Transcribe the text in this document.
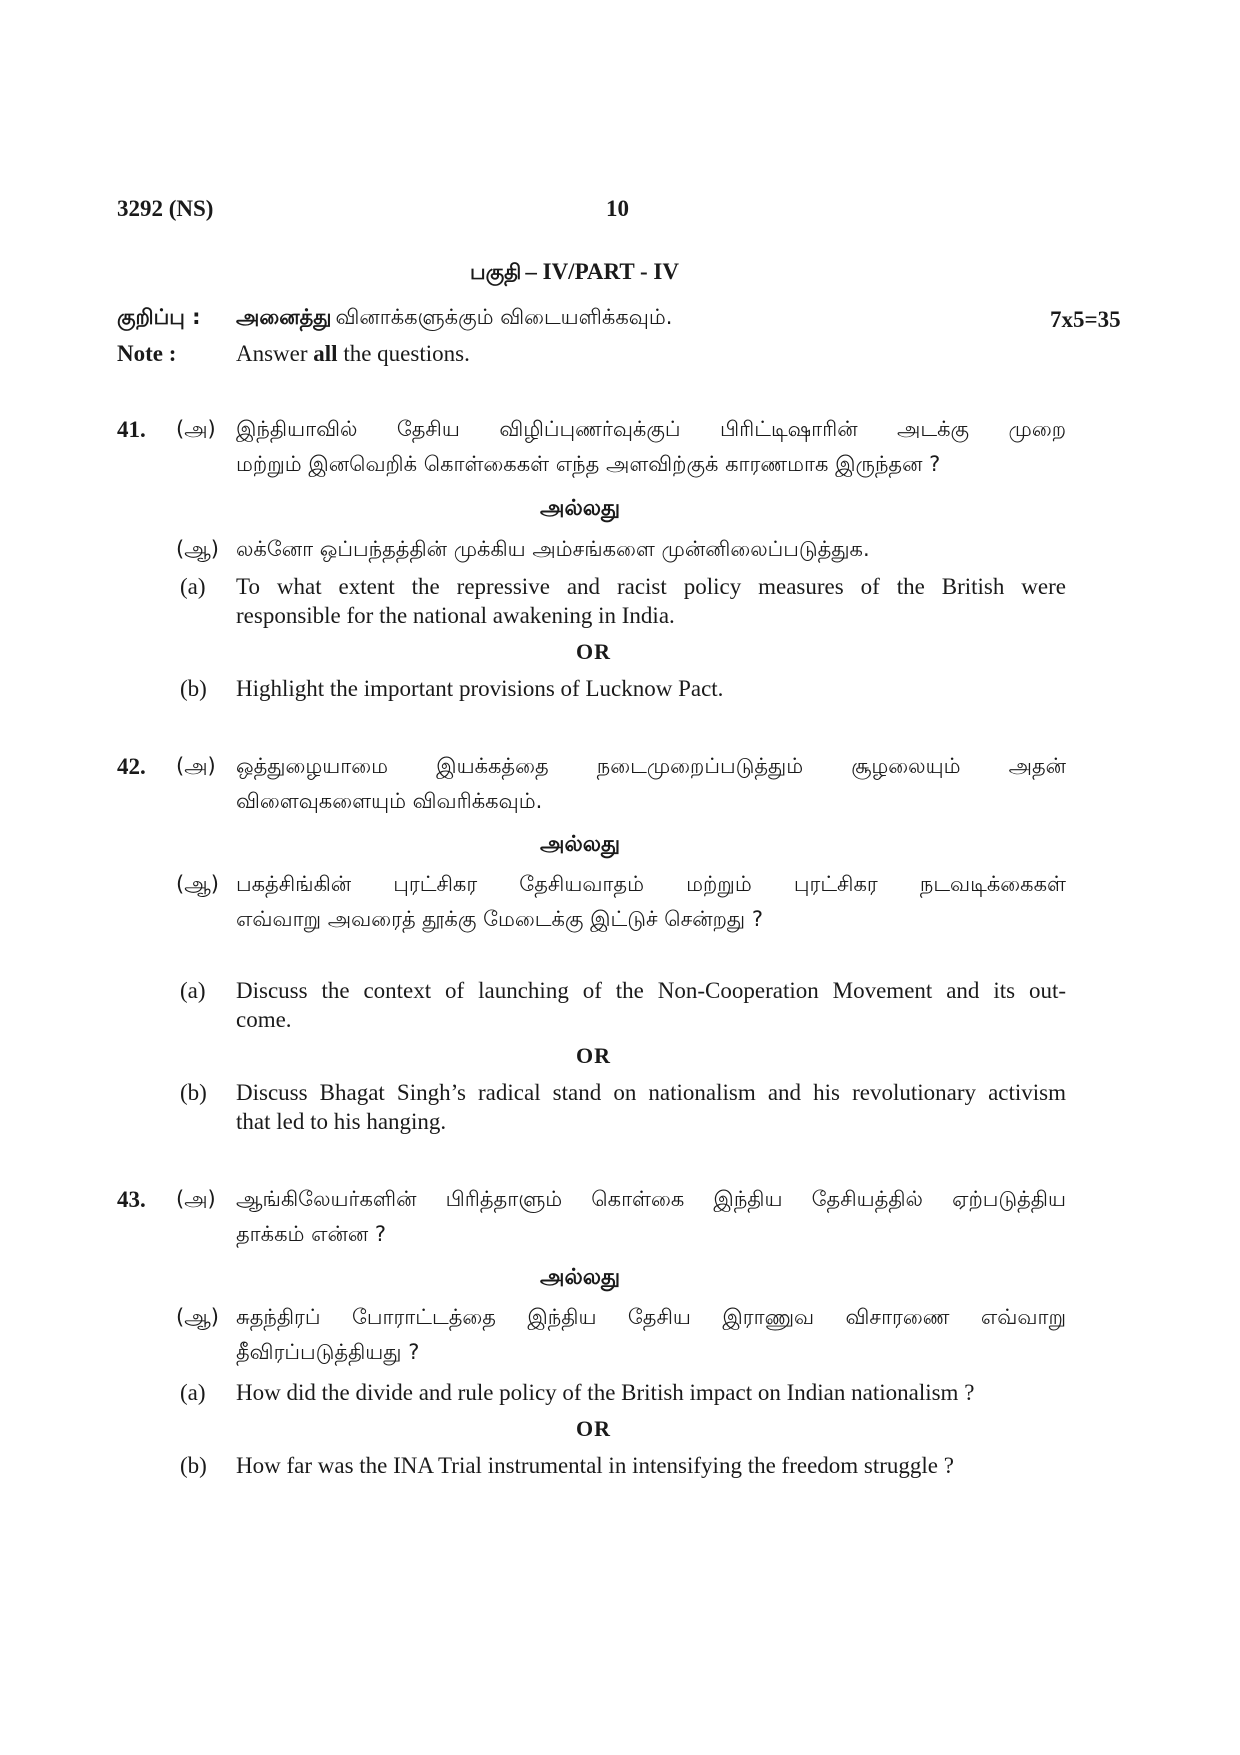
3292 (NS)	10
பகுதி – IV/PART - IV
குறிப்பு : அனைத்து வினாக்களுக்கும் விடையளிக்கவும்.	7x5=35
Note :	Answer all the questions.
41. (அ) இந்தியாவில் தேசிய விழிப்புணர்வுக்குப் பிரிட்டிஷாரின் அடக்கு முறை
மற்றும் இனவெறிக் கொள்கைகள் எந்த அளவிற்குக் காரணமாக இருந்தன ?
அல்லது
(ஆ) லக்னோ ஒப்பந்தத்தின் முக்கிய அம்சங்களை முன்னிலைப்படுத்துக.
(a) To what extent the repressive and racist policy measures of the British were
responsible for the national awakening in India.
OR
(b) Highlight the important provisions of Lucknow Pact.
42. (அ) ஒத்துழையாமை இயக்கத்தை நடைமுறைப்படுத்தும் சூழலையும் அதன்
விளைவுகளையும் விவரிக்கவும்.
அல்லது
(ஆ) பகத்சிங்கின் புரட்சிகர தேசியவாதம் மற்றும் புரட்சிகர நடவடிக்கைகள்
எவ்வாறு அவரைத் தூக்கு மேடைக்கு இட்டுச் சென்றது ?
(a) Discuss the context of launching of the Non-Cooperation Movement and its out-
come.
OR
(b) Discuss Bhagat Singh’s radical stand on nationalism and his revolutionary activism
that led to his hanging.
43. (அ) ஆங்கிலேயர்களின் பிரித்தாளும் கொள்கை இந்திய தேசியத்தில் ஏற்படுத்திய
தாக்கம் என்ன ?
அல்லது
(ஆ) சுதந்திரப் போராட்டத்தை இந்திய தேசிய இராணுவ விசாரணை எவ்வாறு
தீவிரப்படுத்தியது ?
(a) How did the divide and rule policy of the British impact on Indian nationalism ?
OR
(b) How far was the INA Trial instrumental in intensifying the freedom struggle ?
